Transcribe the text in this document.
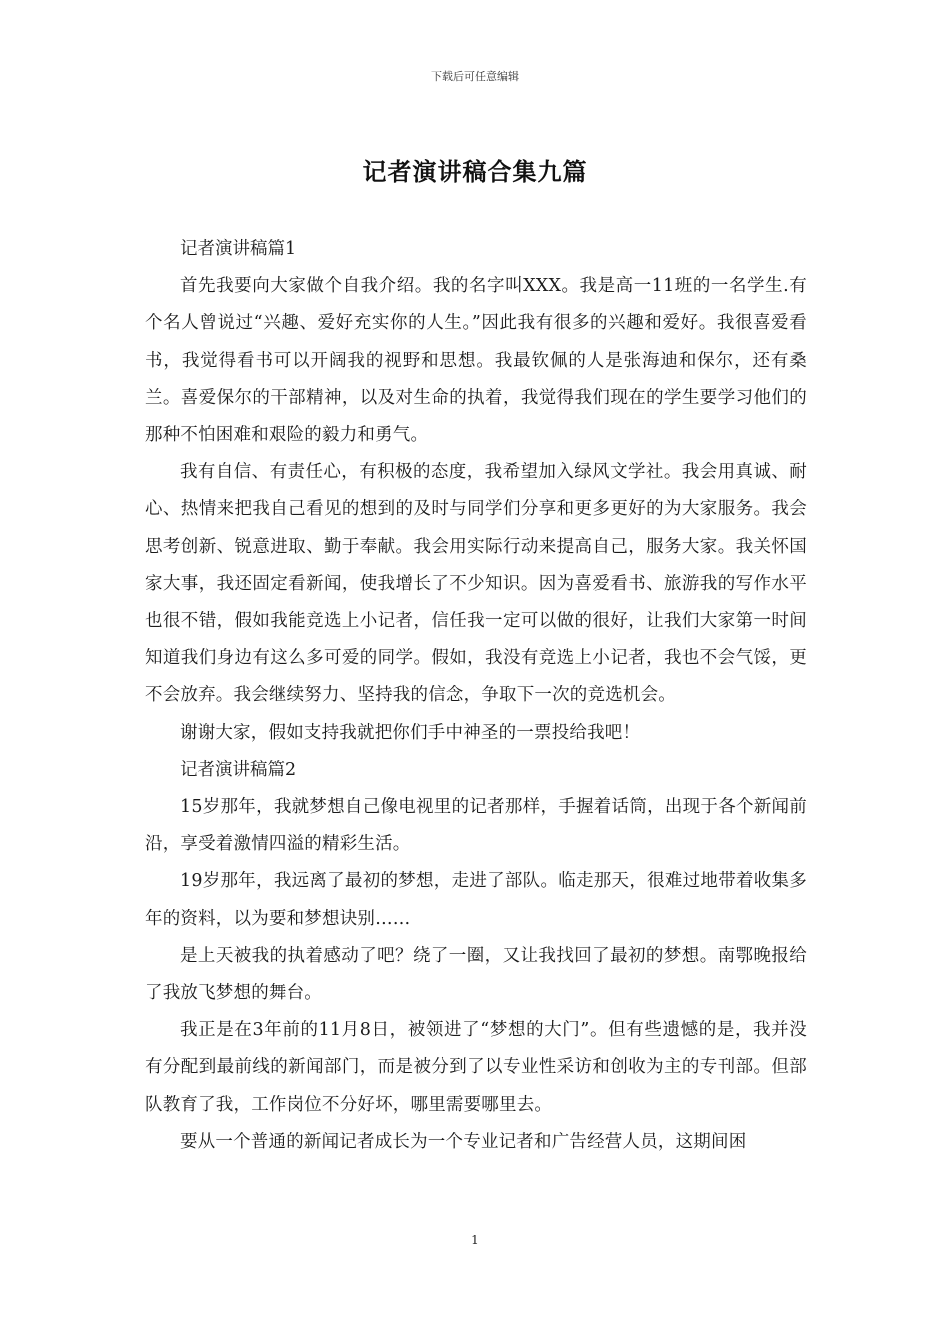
下载后可任意编辑
记者演讲稿合集九篇

记者演讲稿篇1

首先我要向大家做个自我介绍。我的名字叫XXX。我是高一11班的一名学生.有个名人曾说过“兴趣、爱好充实你的人生。”因此我有很多的兴趣和爱好。我很喜爱看书，我觉得看书可以开阔我的视野和思想。我最钦佩的人是张海迪和保尔，还有桑兰。喜爱保尔的干部精神，以及对生命的执着，我觉得我们现在的学生要学习他们的那种不怕困难和艰险的毅力和勇气。

我有自信、有责任心，有积极的态度，我希望加入绿风文学社。我会用真诚、耐心、热情来把我自己看见的想到的及时与同学们分享和更多更好的为大家服务。我会思考创新、锐意进取、勤于奉献。我会用实际行动来提高自己，服务大家。我关怀国家大事，我还固定看新闻，使我增长了不少知识。因为喜爱看书、旅游我的写作水平也很不错，假如我能竞选上小记者，信任我一定可以做的很好，让我们大家第一时间知道我们身边有这么多可爱的同学。假如，我没有竞选上小记者，我也不会气馁，更不会放弃。我会继续努力、坚持我的信念，争取下一次的竞选机会。

谢谢大家，假如支持我就把你们手中神圣的一票投给我吧！

记者演讲稿篇2

15岁那年，我就梦想自己像电视里的记者那样，手握着话筒，出现于各个新闻前沿，享受着激情四溢的精彩生活。

19岁那年，我远离了最初的梦想，走进了部队。临走那天，很难过地带着收集多年的资料，以为要和梦想诀别……

是上天被我的执着感动了吧？绕了一圈，又让我找回了最初的梦想。南鄂晚报给了我放飞梦想的舞台。

我正是在3年前的11月8日，被领进了“梦想的大门”。但有些遗憾的是，我并没有分配到最前线的新闻部门，而是被分到了以专业性采访和创收为主的专刊部。但部队教育了我，工作岗位不分好坏，哪里需要哪里去。

要从一个普通的新闻记者成长为一个专业记者和广告经营人员，这期间困

1
